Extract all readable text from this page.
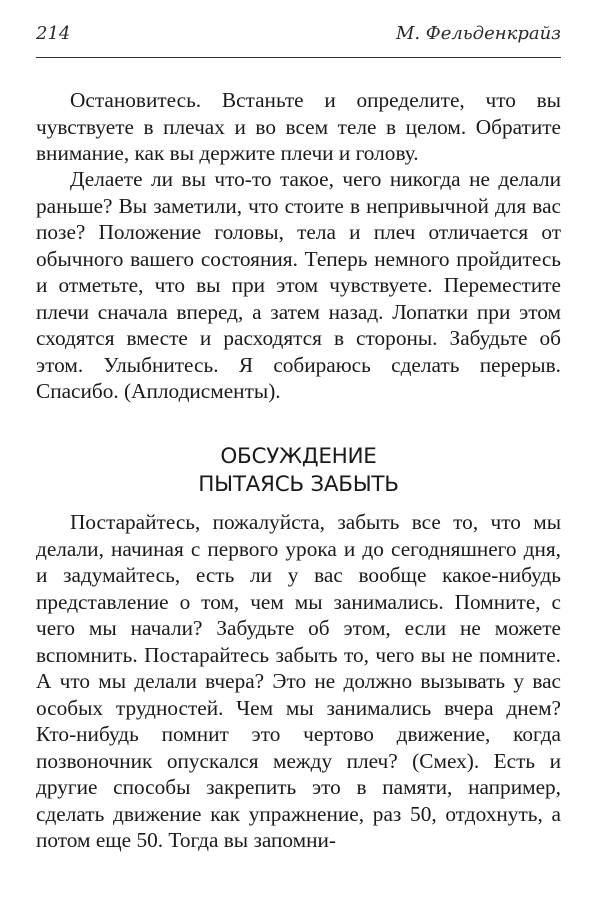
214	М. Фельденкрайз

Остановитесь. Встаньте и определите, что вы чувствуете в плечах и во всем теле в целом. Обратите внимание, как вы держите плечи и голову.

Делаете ли вы что-то такое, чего никогда не делали раньше? Вы заметили, что стоите в непривычной для вас позе? Положение головы, тела и плеч отличается от обычного вашего состояния. Теперь немного пройдитесь и отметьте, что вы при этом чувствуете. Переместите плечи сначала вперед, а затем назад. Лопатки при этом сходятся вместе и расходятся в стороны. Забудьте об этом. Улыбнитесь. Я собираюсь сделать перерыв. Спасибо. (Аплодисменты).

ОБСУЖДЕНИЕ
ПЫТАЯСЬ ЗАБЫТЬ

Постарайтесь, пожалуйста, забыть все то, что мы делали, начиная с первого урока и до сегодняшнего дня, и задумайтесь, есть ли у вас вообще какое-нибудь представление о том, чем мы занимались. Помните, с чего мы начали? Забудьте об этом, если не можете вспомнить. Постарайтесь забыть то, чего вы не помните. А что мы делали вчера? Это не должно вызывать у вас особых трудностей. Чем мы занимались вчера днем? Кто-нибудь помнит это чертово движение, когда позвоночник опускался между плеч? (Смех). Есть и другие способы закрепить это в памяти, например, сделать движение как упражнение, раз 50, отдохнуть, а потом еще 50. Тогда вы запомни-
